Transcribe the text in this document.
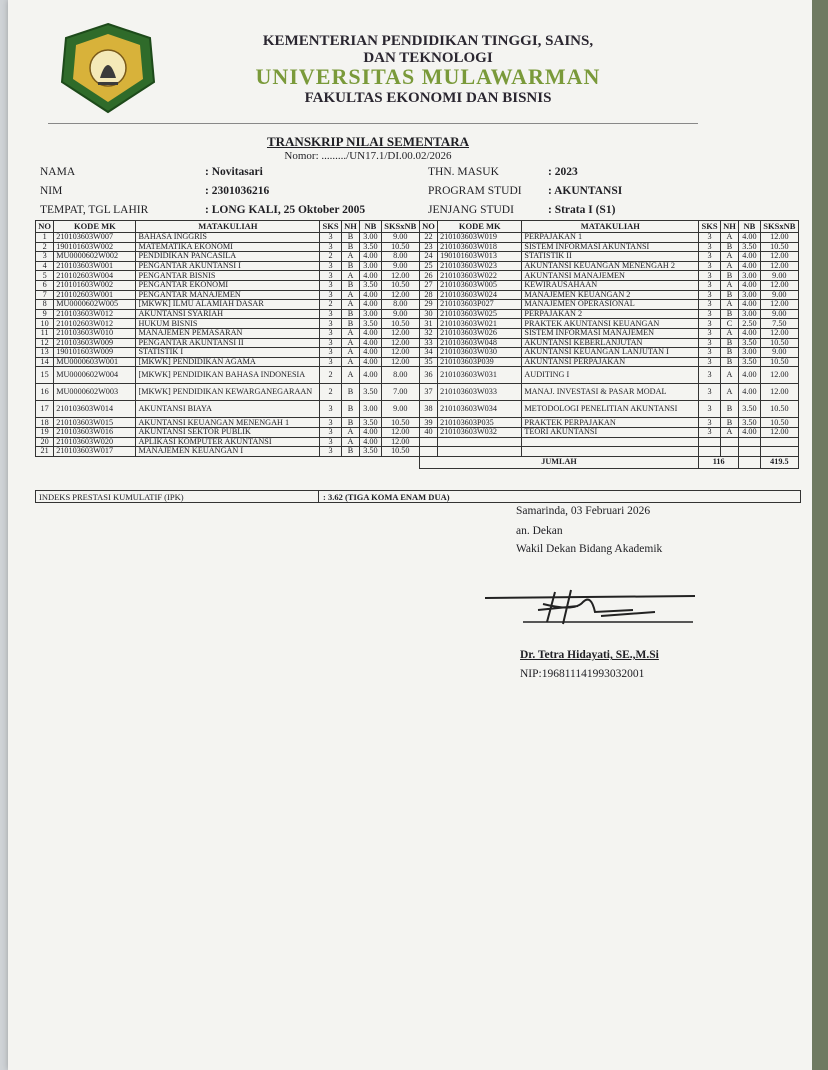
KEMENTERIAN PENDIDIKAN TINGGI, SAINS,
DAN TEKNOLOGI
UNIVERSITAS MULAWARMAN
FAKULTAS EKONOMI DAN BISNIS
TRANSKRIP NILAI SEMENTARA
Nomor: ........./UN17.1/DI.00.02/2026
NAMA	: Novitasari
NIM	: 2301036216
TEMPAT, TGL LAHIR	: LONG KALI, 25 Oktober 2005
THN. MASUK	: 2023
PROGRAM STUDI : AKUNTANSI
JENJANG STUDI	: Strata I (S1)
NO	KODE MK	MATAKULIAH	SKS	NH	NB	SKSxNB	NO	KODE MK	MATAKULIAH	SKS	NH	NB	SKSxNB
1	210103603W007	BAHASA INGGRIS	3	B	3.00	9.00	22	210103603W019	PERPAJAKAN 1	3	A	4.00	12.00
2	190101603W002	MATEMATIKA EKONOMI	3	B	3.50	10.50	23	210103603W018	SISTEM INFORMASI AKUNTANSI	3	B	3.50	10.50
3	MU0000602W002	PENDIDIKAN PANCASILA	2	A	4.00	8.00	24	190101603W013	STATISTIK II	3	A	4.00	12.00
4	210103603W001	PENGANTAR AKUNTANSI I	3	B	3.00	9.00	25	210103603W023	AKUNTANSI KEUANGAN MENENGAH 2	3	A	4.00	12.00
5	210102603W004	PENGANTAR BISNIS	3	A	4.00	12.00	26	210103603W022	AKUNTANSI MANAJEMEN	3	B	3.00	9.00
6	210101603W002	PENGANTAR EKONOMI	3	B	3.50	10.50	27	210103603W005	KEWIRAUSAHAAN	3	A	4.00	12.00
7	210102603W001	PENGANTAR MANAJEMEN	3	A	4.00	12.00	28	210103603W024	MANAJEMEN KEUANGAN 2	3	B	3.00	9.00
8	MU0000602W005	[MKWK] ILMU ALAMIAH DASAR	2	A	4.00	8.00	29	210103603P027	MANAJEMEN OPERASIONAL	3	A	4.00	12.00
9	210103603W012	AKUNTANSI SYARIAH	3	B	3.00	9.00	30	210103603W025	PERPAJAKAN 2	3	B	3.00	9.00
10	210102603W012	HUKUM BISNIS	3	B	3.50	10.50	31	210103603W021	PRAKTEK AKUNTANSI KEUANGAN	3	C	2.50	7.50
11	210103603W010	MANAJEMEN PEMASARAN	3	A	4.00	12.00	32	210103603W026	SISTEM INFORMASI MANAJEMEN	3	A	4.00	12.00
12	210103603W009	PENGANTAR AKUNTANSI II	3	A	4.00	12.00	33	210103603W048	AKUNTANSI KEBERLANJUTAN	3	B	3.50	10.50
13	190101603W009	STATISTIK I	3	A	4.00	12.00	34	210103603W030	AKUNTANSI KEUANGAN LANJUTAN I	3	B	3.00	9.00
14	MU0000603W001	[MKWK] PENDIDIKAN AGAMA	3	A	4.00	12.00	35	210103603P039	AKUNTANSI PERPAJAKAN	3	B	3.50	10.50
15	MU0000602W004	[MKWK] PENDIDIKAN BAHASA INDONESIA	2	A	4.00	8.00	36	210103603W031	AUDITING I	3	A	4.00	12.00
16	MU0000602W003	[MKWK] PENDIDIKAN KEWARGANEGARAAN	2	B	3.50	7.00	37	210103603W033	MANAJ. INVESTASI & PASAR MODAL	3	A	4.00	12.00
17	210103603W014	AKUNTANSI BIAYA	3	B	3.00	9.00	38	210103603W034	METODOLOGI PENELITIAN AKUNTANSI	3	B	3.50	10.50
18	210103603W015	AKUNTANSI KEUANGAN MENENGAH 1	3	B	3.50	10.50	39	210103603P035	PRAKTEK PERPAJAKAN	3	B	3.50	10.50
19	210103603W016	AKUNTANSI SEKTOR PUBLIK	3	A	4.00	12.00	40	210103603W032	TEORI AKUNTANSI	3	A	4.00	12.00
20	210103603W020	APLIKASI KOMPUTER AKUNTANSI	3	A	4.00	12.00							
21	210103603W017	MANAJEMEN KEUANGAN I	3	B	3.50	10.50							
							JUMLAH			116			419.5
INDEKS PRESTASI KUMULATIF (IPK)	: 3.62 (TIGA KOMA ENAM DUA)
Samarinda, 03 Februari 2026
an. Dekan
Wakil Dekan Bidang Akademik
Dr. Tetra Hidayati, SE.,M.Si
NIP:196811141993032001
